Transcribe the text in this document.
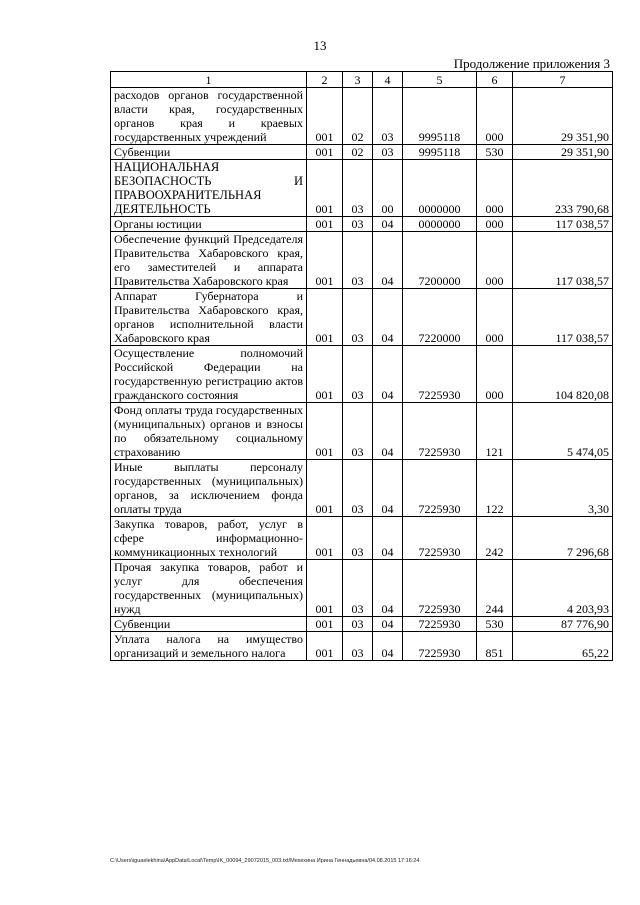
13
Продолжение приложения 3
1	2	3	4	5	6	7
расходов органов государственной власти края, государственных органов края и краевых государственных учреждений	001	02	03	9995118	000	29 351,90
Субвенции	001	02	03	9995118	530	29 351,90
НАЦИОНАЛЬНАЯ БЕЗОПАСНОСТЬ И ПРАВООХРАНИТЕЛЬНАЯ ДЕЯТЕЛЬНОСТЬ	001	03	00	0000000	000	233 790,68
Органы юстиции	001	03	04	0000000	000	117 038,57
Обеспечение функций Председателя Правительства Хабаровского края, его заместителей и аппарата Правительства Хабаровского края	001	03	04	7200000	000	117 038,57
Аппарат Губернатора и Правительства Хабаровского края, органов исполнительной власти Хабаровского края	001	03	04	7220000	000	117 038,57
Осуществление полномочий Российской Федерации на государственную регистрацию актов гражданского состояния	001	03	04	7225930	000	104 820,08
Фонд оплаты труда государственных (муниципальных) органов и взносы по обязательному социальному страхованию	001	03	04	7225930	121	5 474,05
Иные выплаты персоналу государственных (муниципальных) органов, за исключением фонда оплаты труда	001	03	04	7225930	122	3,30
Закупка товаров, работ, услуг в сфере информационно-коммуникационных технологий	001	03	04	7225930	242	7 296,68
Прочая закупка товаров, работ и услуг для обеспечения государственных (муниципальных) нужд	001	03	04	7225930	244	4 203,93
Субвенции	001	03	04	7225930	530	87 776,90
Уплата налога на имущество организаций и земельного налога	001	03	04	7225930	851	65,22
C:\Users\iguaelekhina\AppData\Local\Temp\IK_00094_29072015_003.txt/Мехехина Ирина Геннадьевна/04.08.2015 17:16:24
